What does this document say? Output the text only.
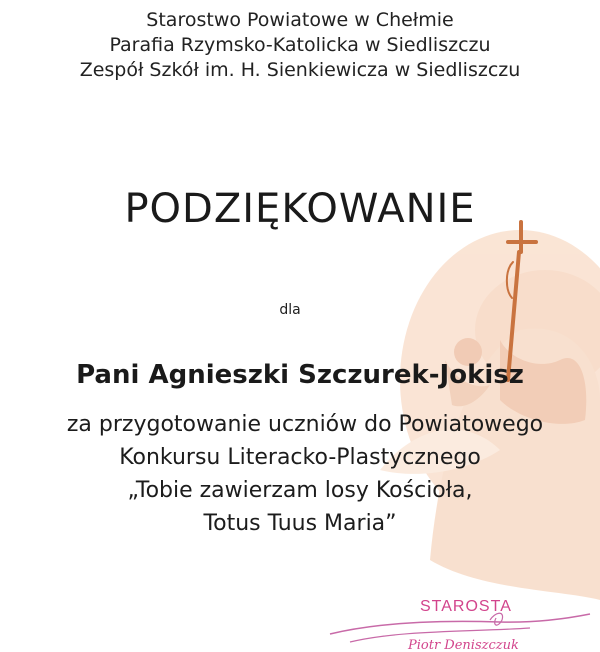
Starostwo Powiatowe w Chełmie
Parafia Rzymsko-Katolicka w Siedliszczu
Zespół Szkół im. H. Sienkiewicza w Siedliszczu
PODZIĘKOWANIE
dla
Pani Agnieszki Szczurek-Jokisz
za przygotowanie uczniów do Powiatowego
Konkursu Literacko-Plastycznego
„Tobie zawierzam losy Kościoła,
Totus Tuus Maria”
STAROSTA
Piotr Deniszczuk
